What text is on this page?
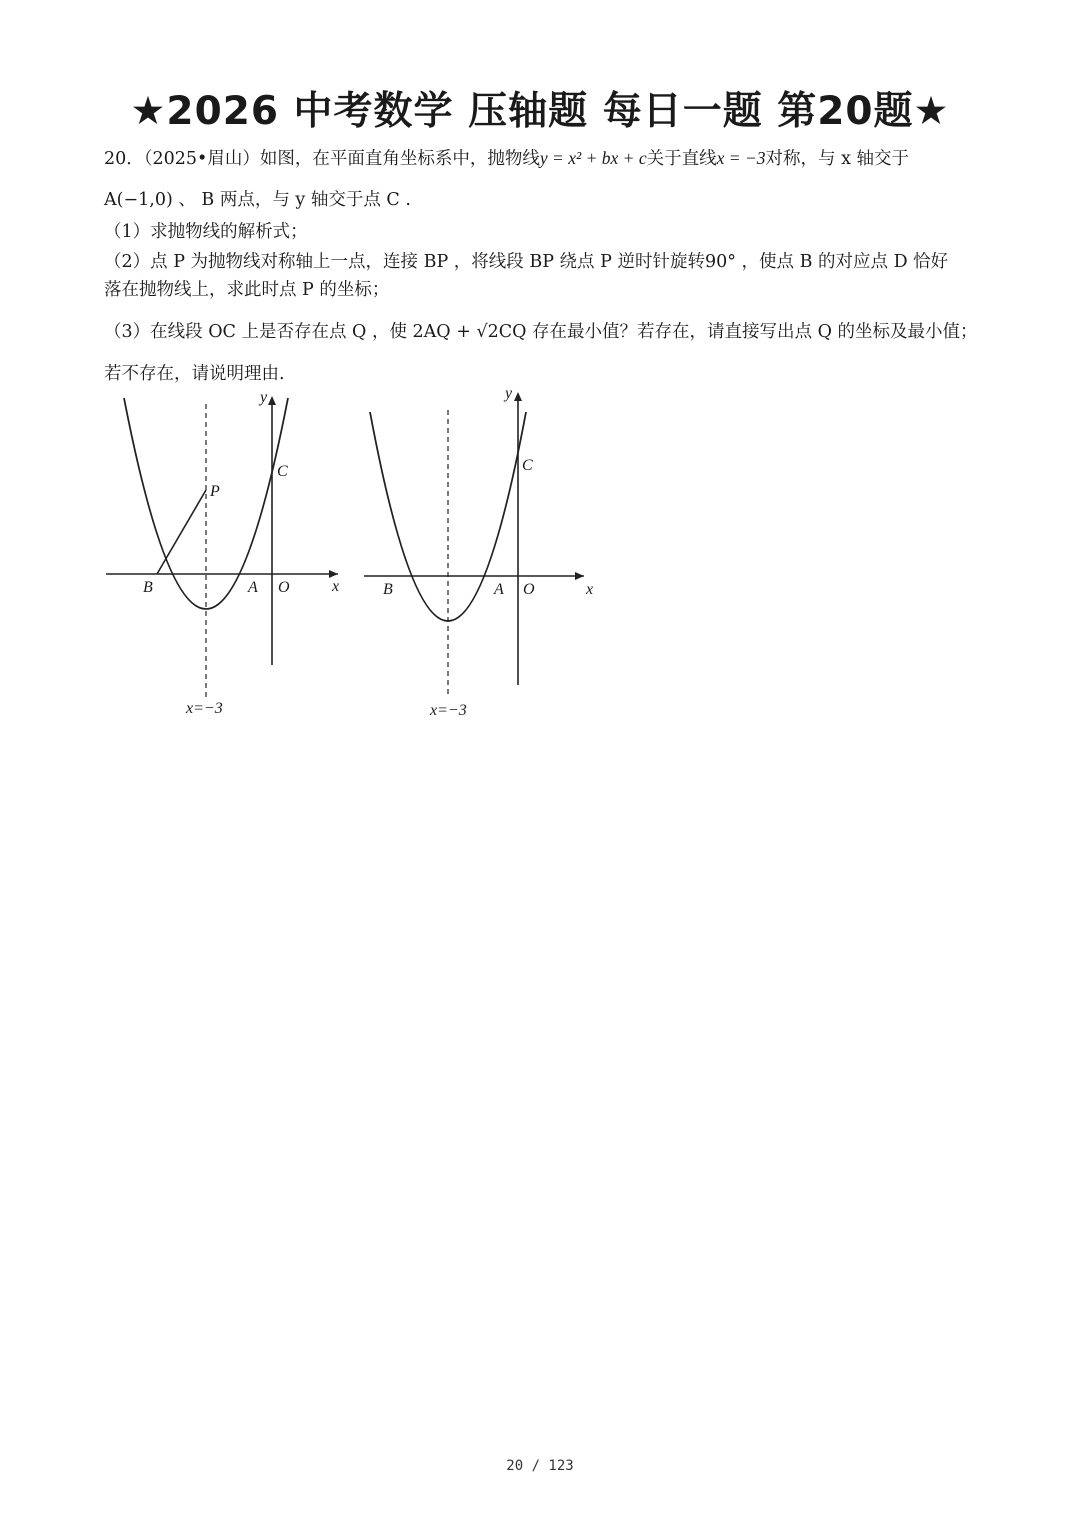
★2026 中考数学 压轴题 每日一题 第20题★
20．（2025•眉山）如图，在平面直角坐标系中，抛物线y = x² + bx + c关于直线x = −3对称，与 x 轴交于
A(−1,0) 、 B 两点，与 y 轴交于点 C .
（1）求抛物线的解析式；
（2）点 P 为抛物线对称轴上一点，连接 BP ，将线段 BP 绕点 P 逆时针旋转90° ，使点 B 的对应点 D 恰好
落在抛物线上，求此时点 P 的坐标；
（3）在线段 OC 上是否存在点 Q ，使 2AQ + √2CQ 存在最小值？若存在，请直接写出点 Q 的坐标及最小值；
若不存在，请说明理由.
y
x
C
P
B	A O
x=−3
y
x
C
B	A O
x=−3
20 / 123
